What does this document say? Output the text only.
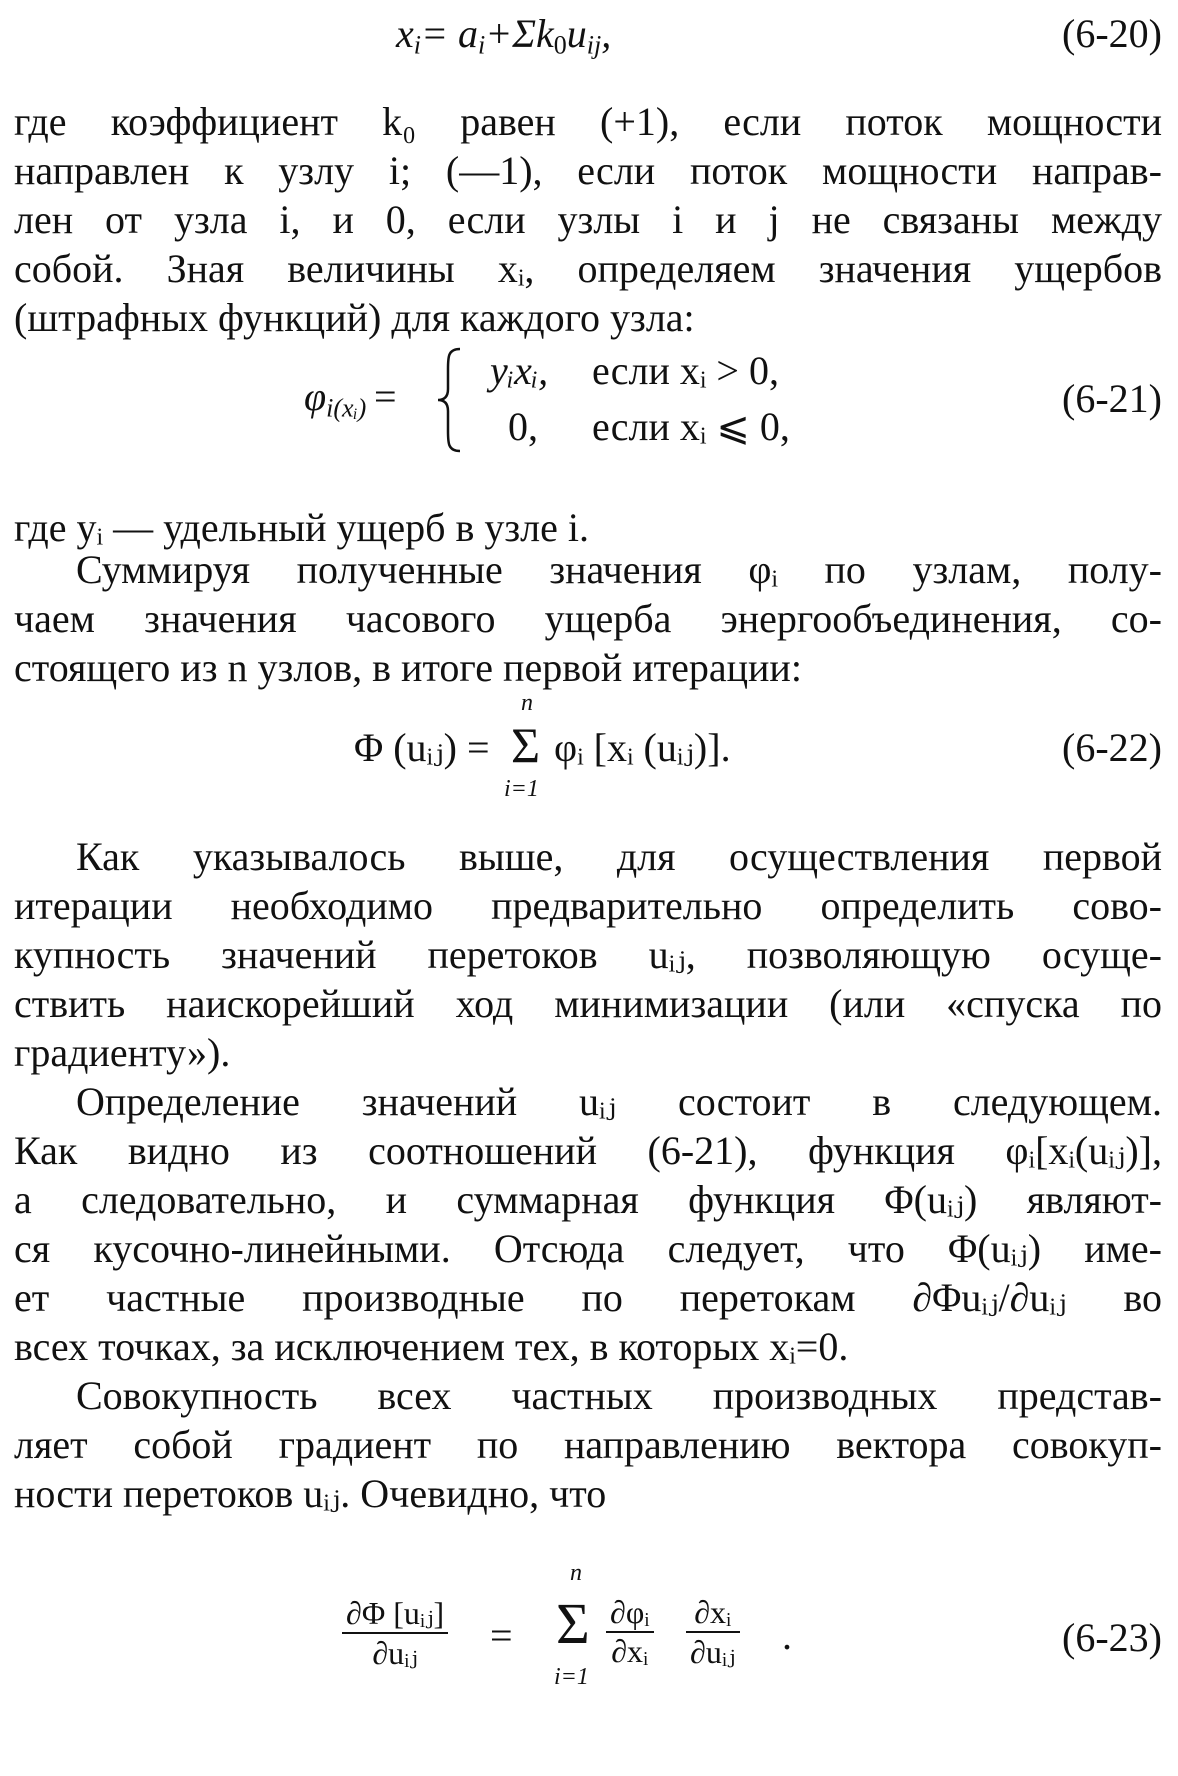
$x_i= a_i+\Sigma k_0u_{ij}$,	(6-20)
где коэффициент k₀ равен (+1), если поток мощности
направлен к узлу i; (—1), если поток мощности направ-
лен от узла i, и 0, если узлы i и j не связаны между
собой. Зная величины xᵢ, определяем значения ущербов
(штрафных функций) для каждого узла:
$\varphi_{i(xᵢ)}$ =
yᵢxᵢ, если xᵢ > 0,
0, если xᵢ ⩽ 0,
(6-21)
где yᵢ — удельный ущерб в узле i.
Суммируя полученные значения φᵢ по узлам, полу-
чаем значения часового ущерба энергообъединения, со-
стоящего из n узлов, в итоге первой итерации:
Φ (uᵢⱼ) =
n
Σ
i=1
φᵢ [xᵢ (uᵢⱼ)].	(6-22)
Как указывалось выше, для осуществления первой
итерации необходимо предварительно определить сово-
купность значений перетоков uᵢⱼ, позволяющую осуще-
ствить наискорейший ход минимизации (или «спуска по
градиенту»).
Определение значений uᵢⱼ состоит в следующем.
Как видно из соотношений (6-21), функция φᵢ[xᵢ(uᵢⱼ)],
а следовательно, и суммарная функция Φ(uᵢⱼ) являют-
ся кусочно-линейными. Отсюда следует, что Φ(uᵢⱼ) име-
ет частные производные по перетокам ∂Φuᵢⱼ/∂uᵢⱼ во
всех точках, за исключением тех, в которых xᵢ=0.
Совокупность всех частных производных представ-
ляет собой градиент по направлению вектора совокуп-
ности перетоков uᵢⱼ. Очевидно, что
∂Φ [uᵢⱼ]
∂uᵢⱼ	=
n
Σ
i=1
$\frac{\text{∂φᵢ}}{\text{∂xᵢ}}$ ∂xᵢ
∂uᵢⱼ .	(6-23)
